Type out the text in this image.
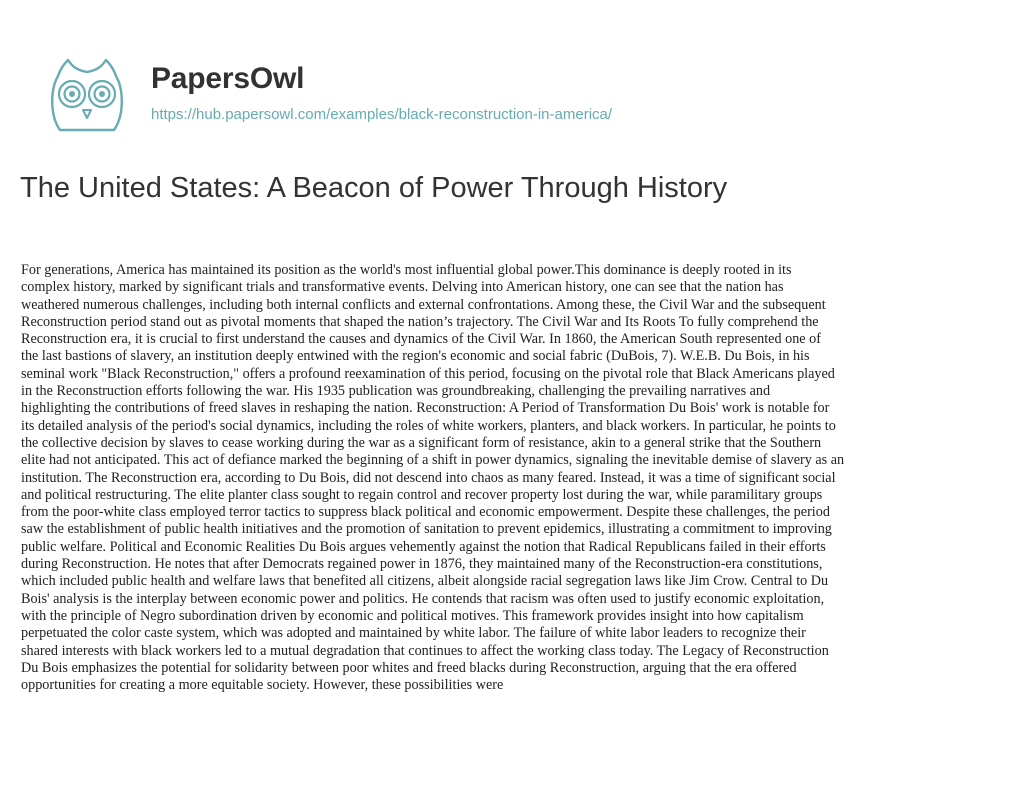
PapersOwl
https://hub.papersowl.com/examples/black-reconstruction-in-america/
The United States: A Beacon of Power Through History

For generations, America has maintained its position as the world's most influential global power.This dominance is deeply rooted in its
complex history, marked by significant trials and transformative events. Delving into American history, one can see that the nation has
weathered numerous challenges, including both internal conflicts and external confrontations. Among these, the Civil War and the subsequent
Reconstruction period stand out as pivotal moments that shaped the nation’s trajectory. The Civil War and Its Roots To fully comprehend the
Reconstruction era, it is crucial to first understand the causes and dynamics of the Civil War. In 1860, the American South represented one of
the last bastions of slavery, an institution deeply entwined with the region's economic and social fabric (DuBois, 7). W.E.B. Du Bois, in his
seminal work "Black Reconstruction," offers a profound reexamination of this period, focusing on the pivotal role that Black Americans played
in the Reconstruction efforts following the war. His 1935 publication was groundbreaking, challenging the prevailing narratives and
highlighting the contributions of freed slaves in reshaping the nation. Reconstruction: A Period of Transformation Du Bois' work is notable for
its detailed analysis of the period's social dynamics, including the roles of white workers, planters, and black workers. In particular, he points to
the collective decision by slaves to cease working during the war as a significant form of resistance, akin to a general strike that the Southern
elite had not anticipated. This act of defiance marked the beginning of a shift in power dynamics, signaling the inevitable demise of slavery as an
institution. The Reconstruction era, according to Du Bois, did not descend into chaos as many feared. Instead, it was a time of significant social
and political restructuring. The elite planter class sought to regain control and recover property lost during the war, while paramilitary groups
from the poor-white class employed terror tactics to suppress black political and economic empowerment. Despite these challenges, the period
saw the establishment of public health initiatives and the promotion of sanitation to prevent epidemics, illustrating a commitment to improving
public welfare. Political and Economic Realities Du Bois argues vehemently against the notion that Radical Republicans failed in their efforts
during Reconstruction. He notes that after Democrats regained power in 1876, they maintained many of the Reconstruction-era constitutions,
which included public health and welfare laws that benefited all citizens, albeit alongside racial segregation laws like Jim Crow. Central to Du
Bois' analysis is the interplay between economic power and politics. He contends that racism was often used to justify economic exploitation,
with the principle of Negro subordination driven by economic and political motives. This framework provides insight into how capitalism
perpetuated the color caste system, which was adopted and maintained by white labor. The failure of white labor leaders to recognize their
shared interests with black workers led to a mutual degradation that continues to affect the working class today. The Legacy of Reconstruction
Du Bois emphasizes the potential for solidarity between poor whites and freed blacks during Reconstruction, arguing that the era offered
opportunities for creating a more equitable society. However, these possibilities were
